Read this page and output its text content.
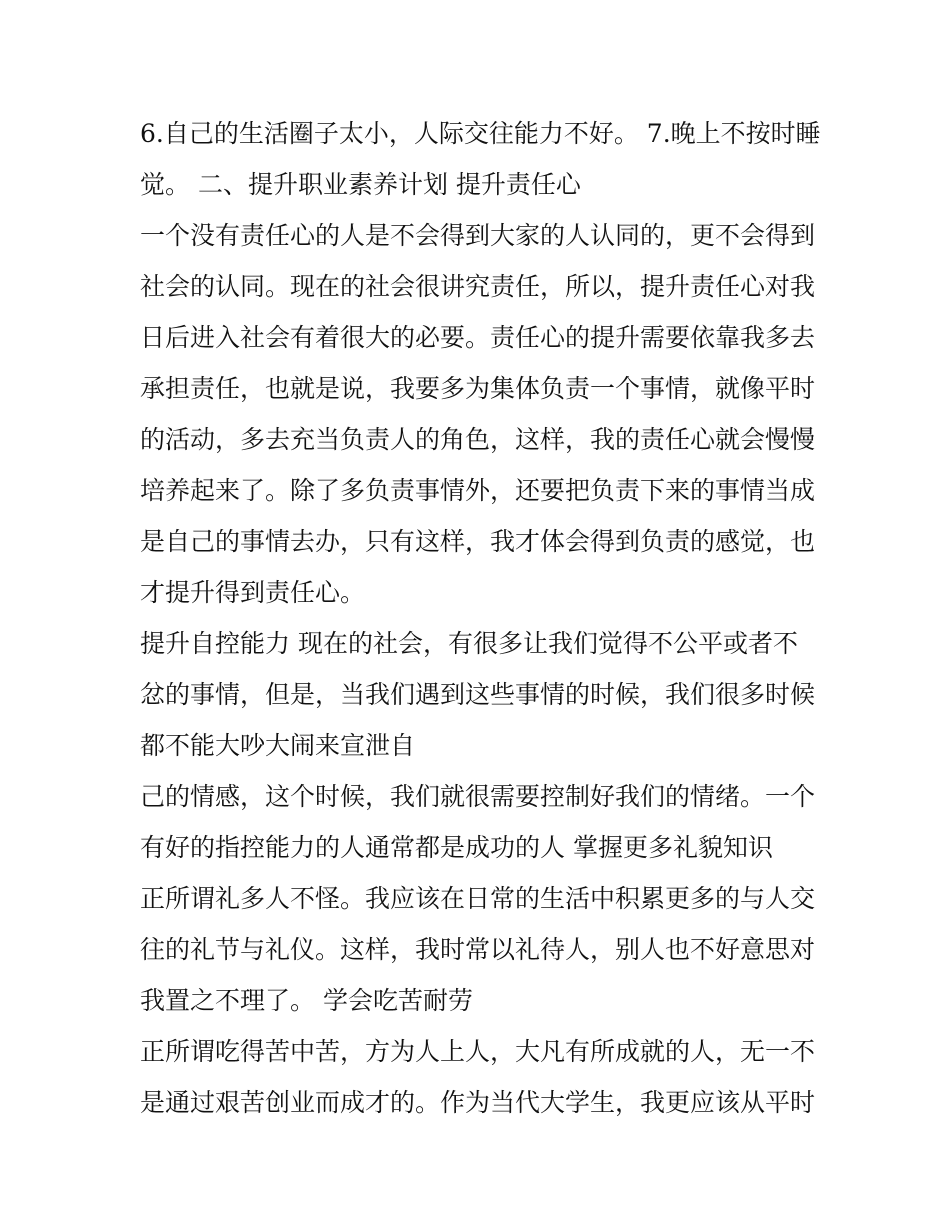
6.自己的生活圈子太小，人际交往能力不好。 7.晚上不按时睡

觉。 二、提升职业素养计划 提升责任心

一个没有责任心的人是不会得到大家的人认同的，更不会得到

社会的认同。现在的社会很讲究责任，所以，提升责任心对我

日后进入社会有着很大的必要。责任心的提升需要依靠我多去

承担责任，也就是说，我要多为集体负责一个事情，就像平时

的活动，多去充当负责人的角色，这样，我的责任心就会慢慢

培养起来了。除了多负责事情外，还要把负责下来的事情当成

是自己的事情去办，只有这样，我才体会得到负责的感觉，也

才提升得到责任心。

提升自控能力 现在的社会，有很多让我们觉得不公平或者不

忿的事情，但是，当我们遇到这些事情的时候，我们很多时候

都不能大吵大闹来宣泄自

己的情感，这个时候，我们就很需要控制好我们的情绪。一个

有好的指控能力的人通常都是成功的人 掌握更多礼貌知识

正所谓礼多人不怪。我应该在日常的生活中积累更多的与人交

往的礼节与礼仪。这样，我时常以礼待人，别人也不好意思对

我置之不理了。 学会吃苦耐劳

正所谓吃得苦中苦，方为人上人，大凡有所成就的人，无一不

是通过艰苦创业而成才的。作为当代大学生，我更应该从平时
